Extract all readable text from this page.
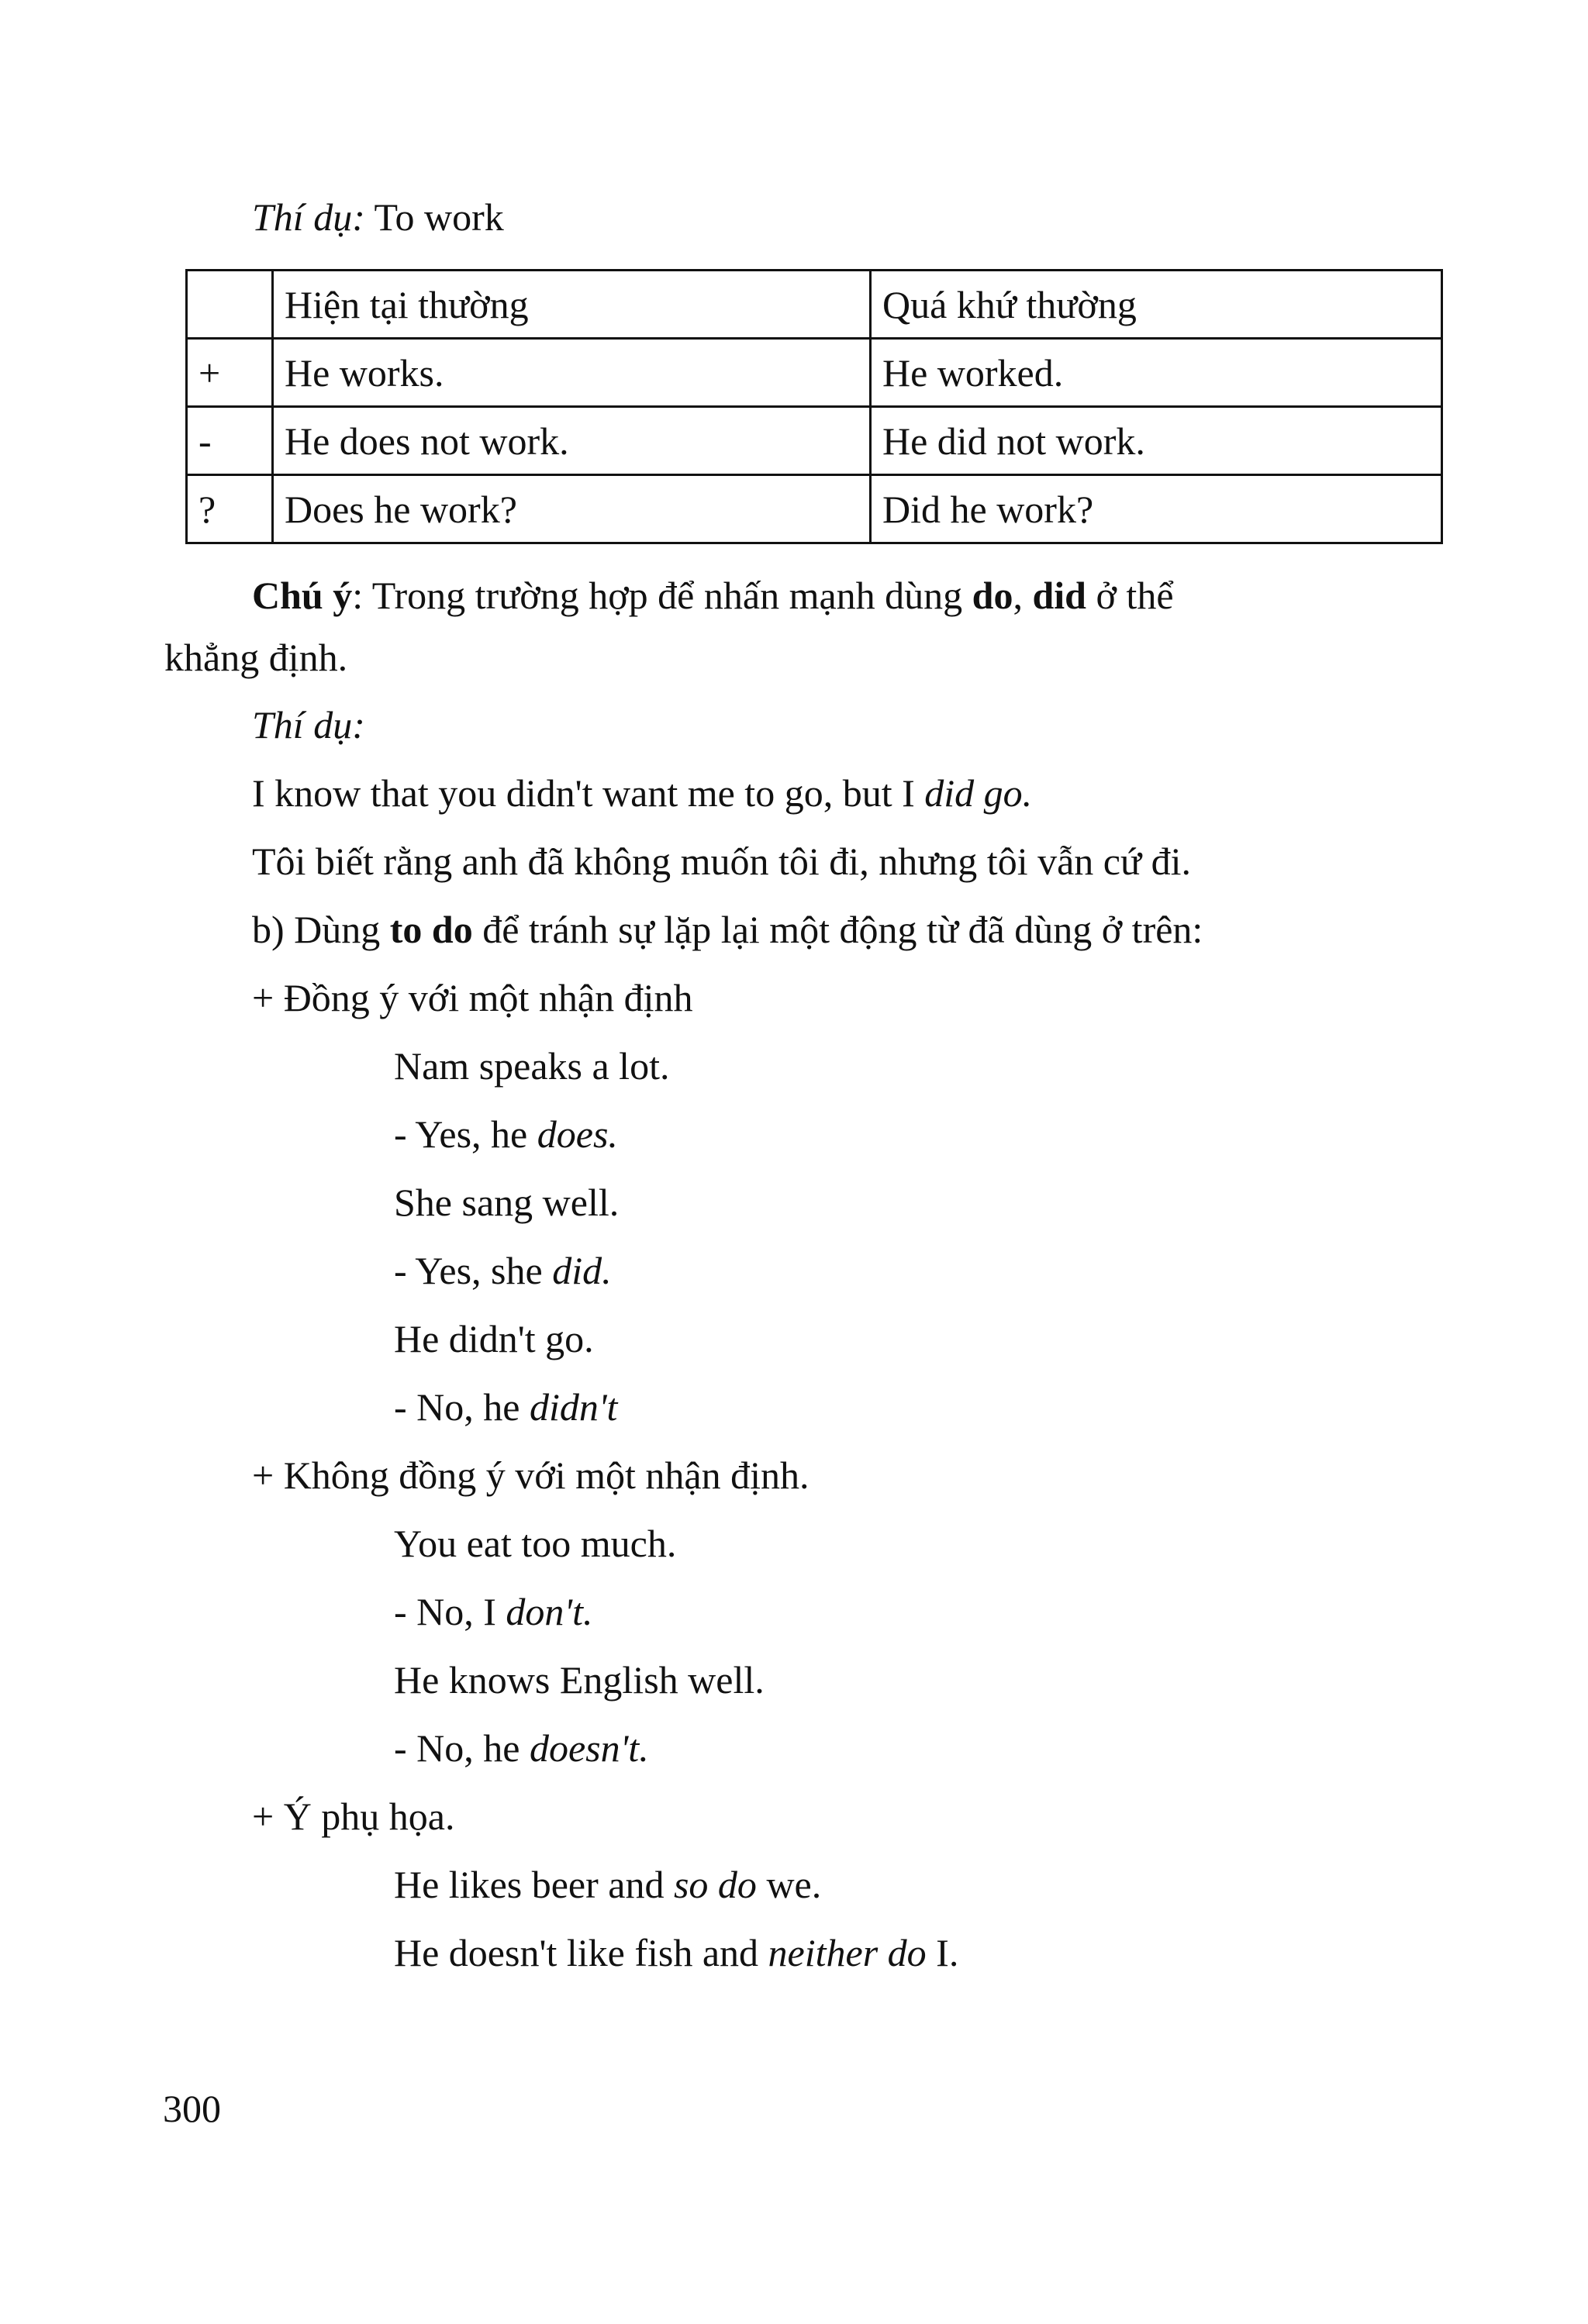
Thí dụ: To work
	Hiện tại thường	Quá khứ thường
+	He works.	He worked.
-	He does not work.	He did not work.
?	Does he work?	Did he work?
Chú ý: Trong trường hợp để nhấn mạnh dùng do, did ở thể
khẳng định.
Thí dụ:
I know that you didn't want me to go, but I did go.
Tôi biết rằng anh đã không muốn tôi đi, nhưng tôi vẫn cứ đi.
b) Dùng to do để tránh sự lặp lại một động từ đã dùng ở trên:
+ Đồng ý với một nhận định
Nam speaks a lot.
- Yes, he does.
She sang well.
- Yes, she did.
He didn't go.
- No, he didn't
+ Không đồng ý với một nhận định.
You eat too much.
- No, I don't.
He knows English well.
- No, he doesn't.
+ Ý phụ họa.
He likes beer and so do we.
He doesn't like fish and neither do I.
300
